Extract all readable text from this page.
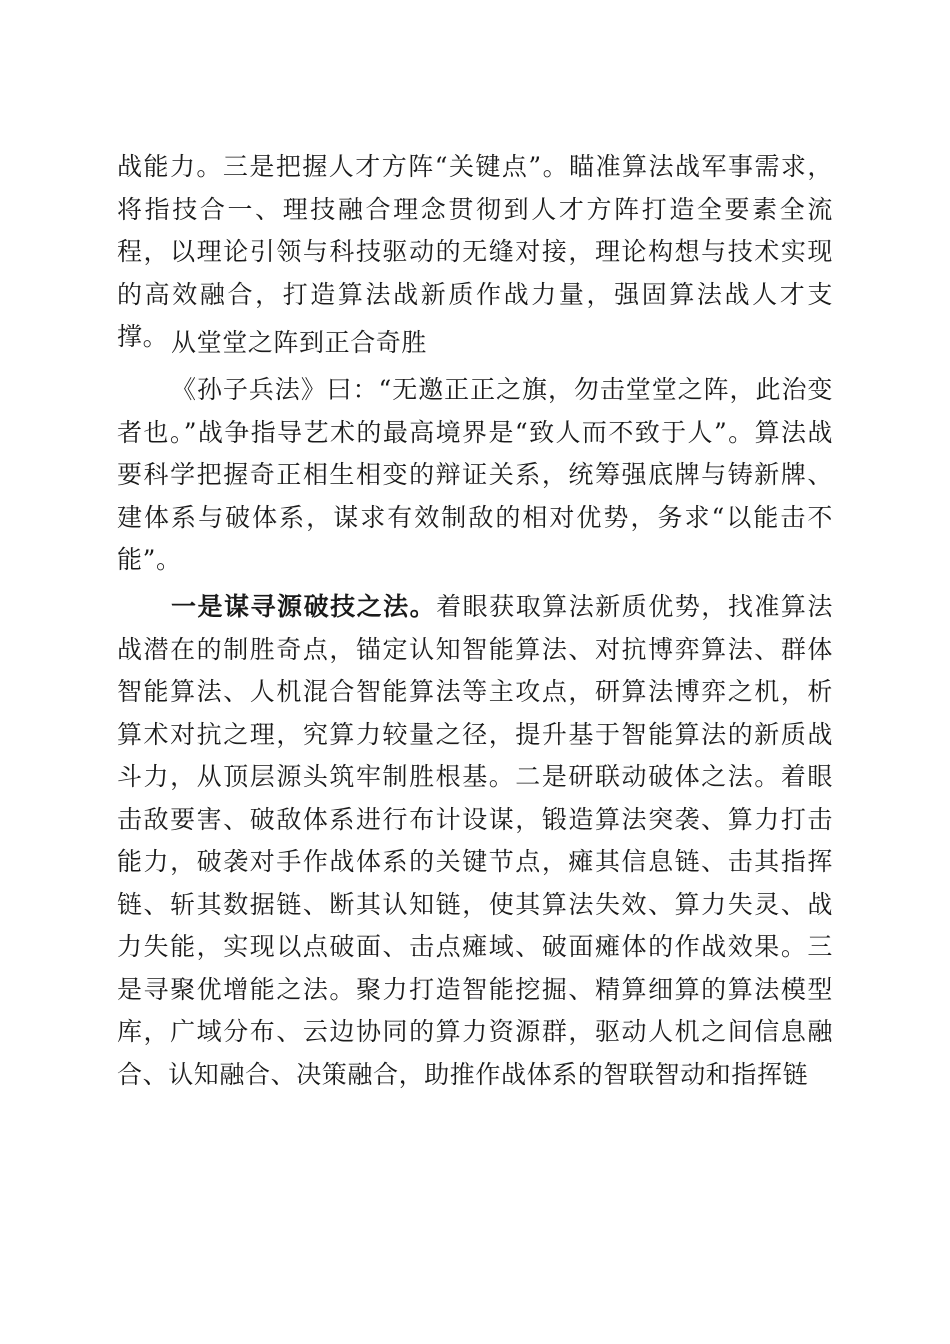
战能力。三是把握人才方阵“关键点”。瞄准算法战军事需求，将指技合一、理技融合理念贯彻到人才方阵打造全要素全流程，以理论引领与科技驱动的无缝对接，理论构想与技术实现的高效融合，打造算法战新质作战力量，强固算法战人才支撑。 从堂堂之阵到正合奇胜
《孙子兵法》曰：“无邀正正之旗，勿击堂堂之阵，此治变者也。”战争指导艺术的最高境界是“致人而不致于人”。算法战要科学把握奇正相生相变的辩证关系，统筹强底牌与铸新牌、建体系与破体系，谋求有效制敌的相对优势，务求“以能击不能”。
一是谋寻源破技之法。着眼获取算法新质优势，找准算法战潜在的制胜奇点，锚定认知智能算法、对抗博弈算法、群体智能算法、人机混合智能算法等主攻点，研算法博弈之机，析算术对抗之理，究算力较量之径，提升基于智能算法的新质战斗力，从顶层源头筑牢制胜根基。二是研联动破体之法。着眼击敌要害、破敌体系进行布计设谋，锻造算法突袭、算力打击能力，破袭对手作战体系的关键节点，瘫其信息链、击其指挥链、斩其数据链、断其认知链，使其算法失效、算力失灵、战力失能，实现以点破面、击点瘫域、破面瘫体的作战效果。三是寻聚优增能之法。聚力打造智能挖掘、精算细算的算法模型库，广域分布、云边协同的算力资源群，驱动人机之间信息融合、认知融合、决策融合，助推作战体系的智联智动和指挥链
